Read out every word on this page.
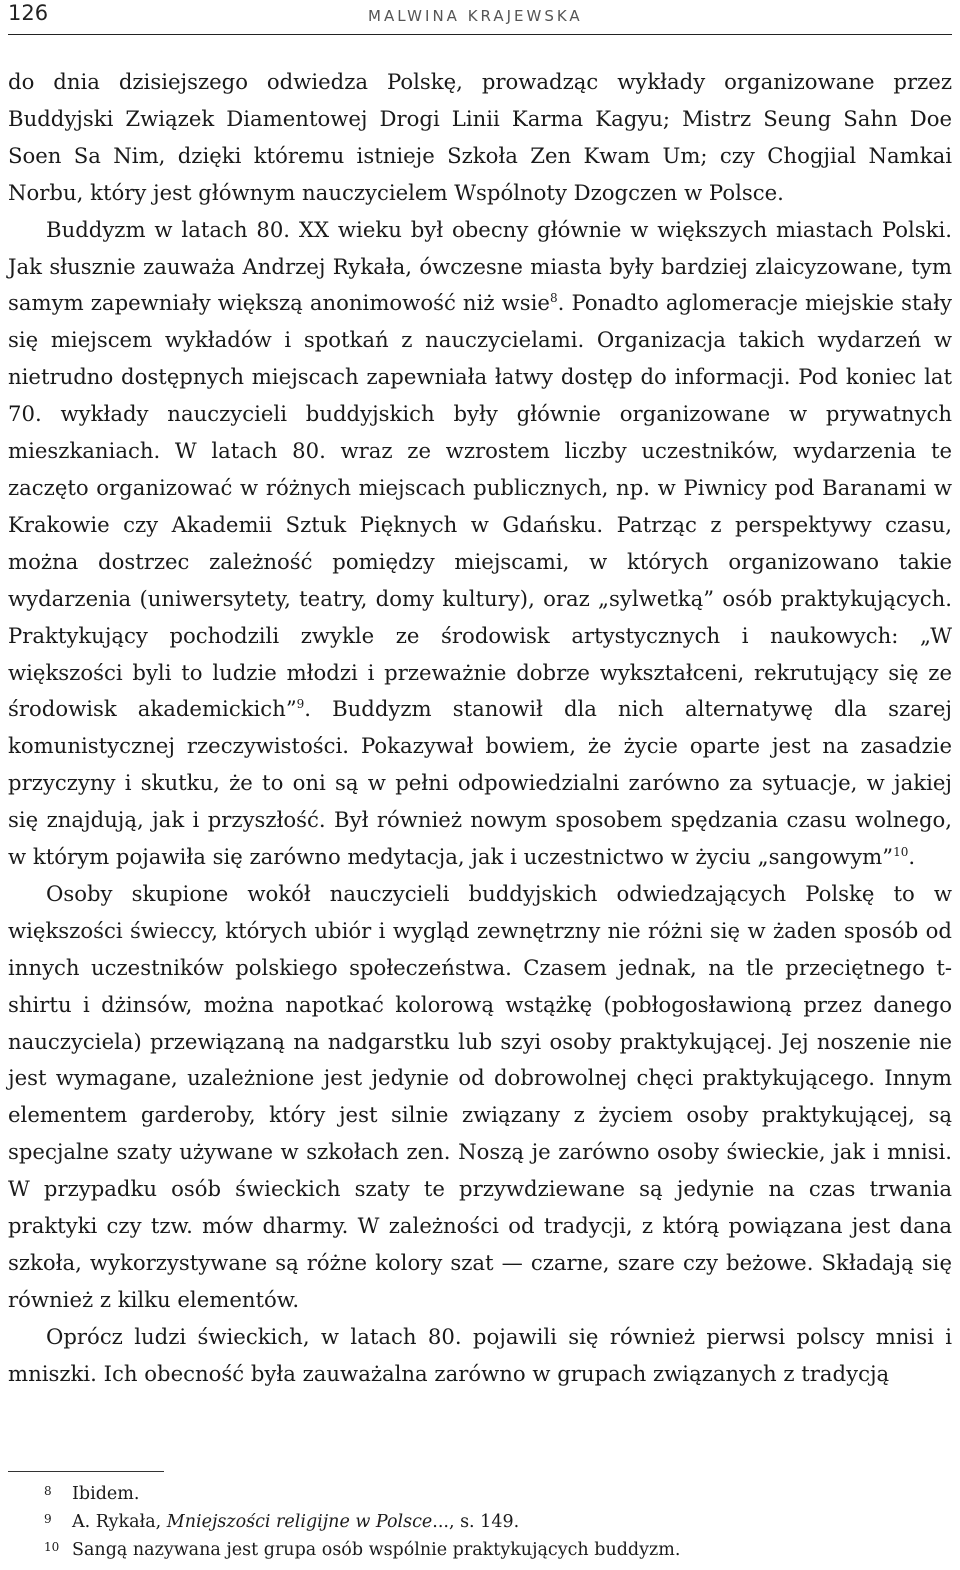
126	MALWINA KRAJEWSKA

do dnia dzisiejszego odwiedza Polskę, prowadząc wykłady organizowane przez Buddyjski Związek Diamentowej Drogi Linii Karma Kagyu; Mistrz Seung Sahn Doe Soen Sa Nim, dzięki któremu istnieje Szkoła Zen Kwam Um; czy Chogjial Namkai Norbu, który jest głównym nauczycielem Wspólnoty Dzogczen w Polsce.

Buddyzm w latach 80. XX wieku był obecny głównie w większych miastach Polski. Jak słusznie zauważa Andrzej Rykała, ówczesne miasta były bardziej zlaicyzowane, tym samym zapewniały większą anonimowość niż wsie$^8$. Ponadto aglomeracje miejskie stały się miejscem wykładów i spotkań z nauczycielami. Organizacja takich wydarzeń w nietrudno dostępnych miejscach zapewniała łatwy dostęp do informacji. Pod koniec lat 70. wykłady nauczycieli buddyjskich były głównie organizowane w prywatnych mieszkaniach. W latach 80. wraz ze wzrostem liczby uczestników, wydarzenia te zaczęto organizować w różnych miejscach publicznych, np. w Piwnicy pod Baranami w Krakowie czy Akademii Sztuk Pięknych w Gdańsku. Patrząc z perspektywy czasu, można dostrzec zależność pomiędzy miejscami, w których organizowano takie wydarzenia (uniwersytety, teatry, domy kultury), oraz „sylwetką” osób praktykujących. Praktykujący pochodzili zwykle ze środowisk artystycznych i naukowych: „W większości byli to ludzie młodzi i przeważnie dobrze wykształceni, rekrutujący się ze środowisk akademickich”$^9$. Buddyzm stanowił dla nich alternatywę dla szarej komunistycznej rzeczywistości. Pokazywał bowiem, że życie oparte jest na zasadzie przyczyny i skutku, że to oni są w pełni odpowiedzialni zarówno za sytuacje, w jakiej się znajdują, jak i przyszłość. Był również nowym sposobem spędzania czasu wolnego, w którym pojawiła się zarówno medytacja, jak i uczestnictwo w życiu „sangowym”$^{10}$.

Osoby skupione wokół nauczycieli buddyjskich odwiedzających Polskę to w większości świeccy, których ubiór i wygląd zewnętrzny nie różni się w żaden sposób od innych uczestników polskiego społeczeństwa. Czasem jednak, na tle przeciętnego t-shirtu i dżinsów, można napotkać kolorową wstążkę (pobłogosławioną przez danego nauczyciela) przewiązaną na nadgarstku lub szyi osoby praktykującej. Jej noszenie nie jest wymagane, uzależnione jest jedynie od dobrowolnej chęci praktykującego. Innym elementem garderoby, który jest silnie związany z życiem osoby praktykującej, są specjalne szaty używane w szkołach zen. Noszą je zarówno osoby świeckie, jak i mnisi. W przypadku osób świeckich szaty te przywdziewane są jedynie na czas trwania praktyki czy tzw. mów dharmy. W zależności od tradycji, z którą powiązana jest dana szkoła, wykorzystywane są różne kolory szat — czarne, szare czy beżowe. Składają się również z kilku elementów.

Oprócz ludzi świeckich, w latach 80. pojawili się również pierwsi polscy mnisi i mniszki. Ich obecność była zauważalna zarówno w grupach związanych z tradycją

8	Ibidem.
9	A. Rykała, Mniejszości religijne w Polsce..., s. 149.
10 Sangą nazywana jest grupa osób wspólnie praktykujących buddyzm.
